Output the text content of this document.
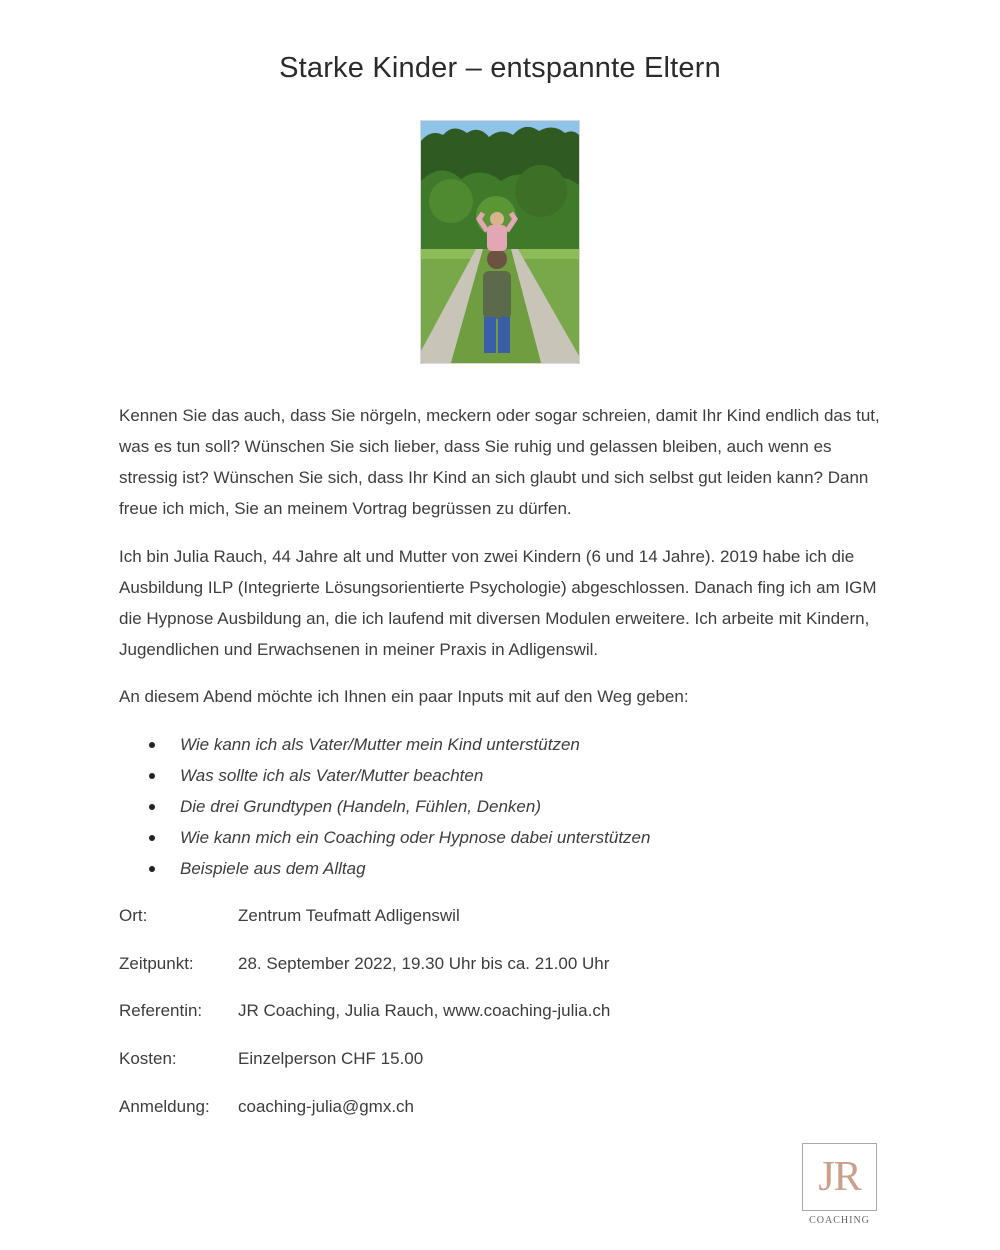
Starke Kinder – entspannte Eltern

Kennen Sie das auch, dass Sie nörgeln, meckern oder sogar schreien, damit Ihr Kind endlich das tut, was es tun soll? Wünschen Sie sich lieber, dass Sie ruhig und gelassen bleiben, auch wenn es stressig ist? Wünschen Sie sich, dass Ihr Kind an sich glaubt und sich selbst gut leiden kann? Dann freue ich mich, Sie an meinem Vortrag begrüssen zu dürfen.

Ich bin Julia Rauch, 44 Jahre alt und Mutter von zwei Kindern (6 und 14 Jahre). 2019 habe ich die Ausbildung ILP (Integrierte Lösungsorientierte Psychologie) abgeschlossen. Danach fing ich am IGM die Hypnose Ausbildung an, die ich laufend mit diversen Modulen erweitere. Ich arbeite mit Kindern, Jugendlichen und Erwachsenen in meiner Praxis in Adligenswil.

An diesem Abend möchte ich Ihnen ein paar Inputs mit auf den Weg geben:

Wie kann ich als Vater/Mutter mein Kind unterstützen
Was sollte ich als Vater/Mutter beachten
Die drei Grundtypen (Handeln, Fühlen, Denken)
Wie kann mich ein Coaching oder Hypnose dabei unterstützen
Beispiele aus dem Alltag
Ort:	Zentrum Teufmatt Adligenswil
Zeitpunkt:	28. September 2022, 19.30 Uhr bis ca. 21.00 Uhr
Referentin: JR Coaching, Julia Rauch, www.coaching-julia.ch
Kosten:	Einzelperson CHF 15.00
Anmeldung: coaching-julia@gmx.ch
JR
COACHING
